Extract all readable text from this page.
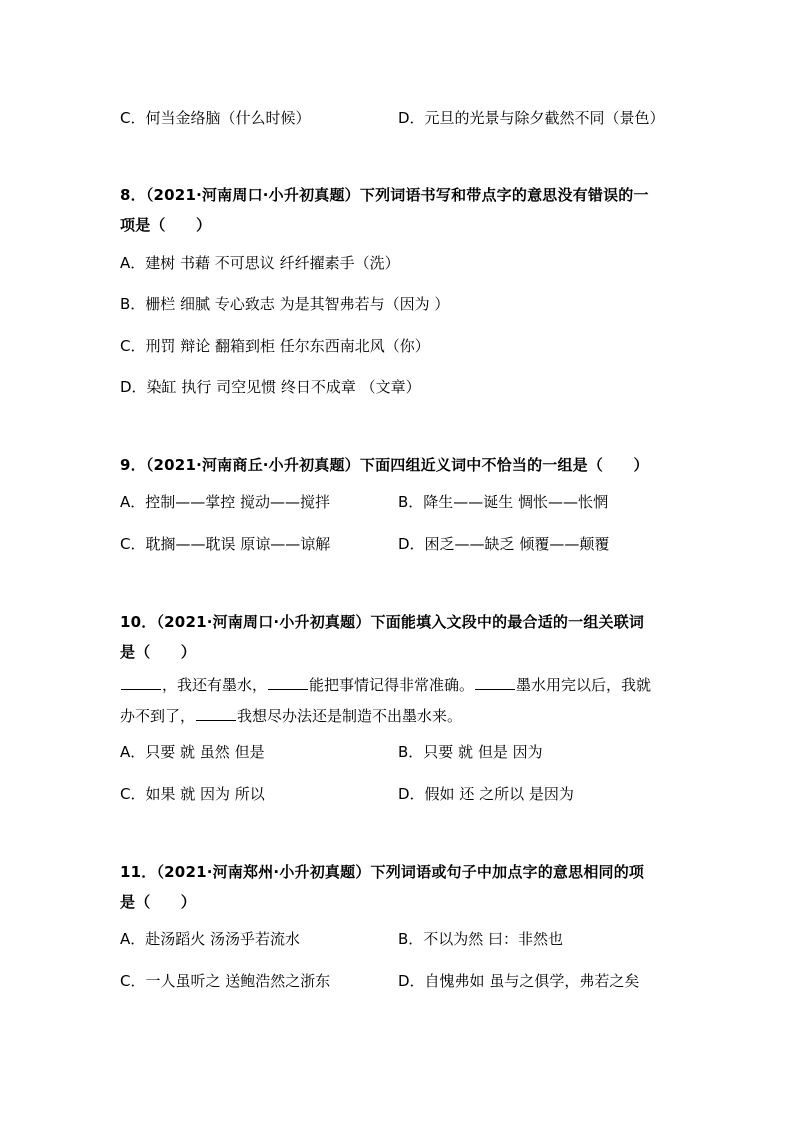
C．何当金络脑（什么时候）	D．元旦的光景与除夕截然不同（景色）
8．（2021·河南周口·小升初真题）下列词语书写和带点字的意思没有错误的一
项是（　　）
A．建树 书藉 不可思议 纤纤擢素手（洗）
B．栅栏 细腻 专心致志 为是其智弗若与（因为 ）
C．刑罚 辩论 翻箱到柜 任尔东西南北风（你）
D．染缸 执行 司空见惯 终日不成章 （文章）
9．（2021·河南商丘·小升初真题）下面四组近义词中不恰当的一组是（　　）
A．控制——掌控 搅动——搅拌	B．降生——诞生 惆怅——怅惘
C．耽搁——耽误 原谅——谅解	D．困乏——缺乏 倾覆——颠覆
10．（2021·河南周口·小升初真题）下面能填入文段中的最合适的一组关联词
是（　　）
，我还有墨水，	能把事情记得非常准确。	墨水用完以后，我就
办不到了，	我想尽办法还是制造不出墨水来。
A．只要 就 虽然 但是	B．只要 就 但是 因为
C．如果 就 因为 所以	D．假如 还 之所以 是因为
11．（2021·河南郑州·小升初真题）下列词语或句子中加点字的意思相同的项
是（　　）
A．赴汤蹈火 汤汤乎若流水	B．不以为然 曰：非然也
C．一人虽听之 送鲍浩然之浙东	D．自愧弗如 虽与之俱学，弗若之矣
